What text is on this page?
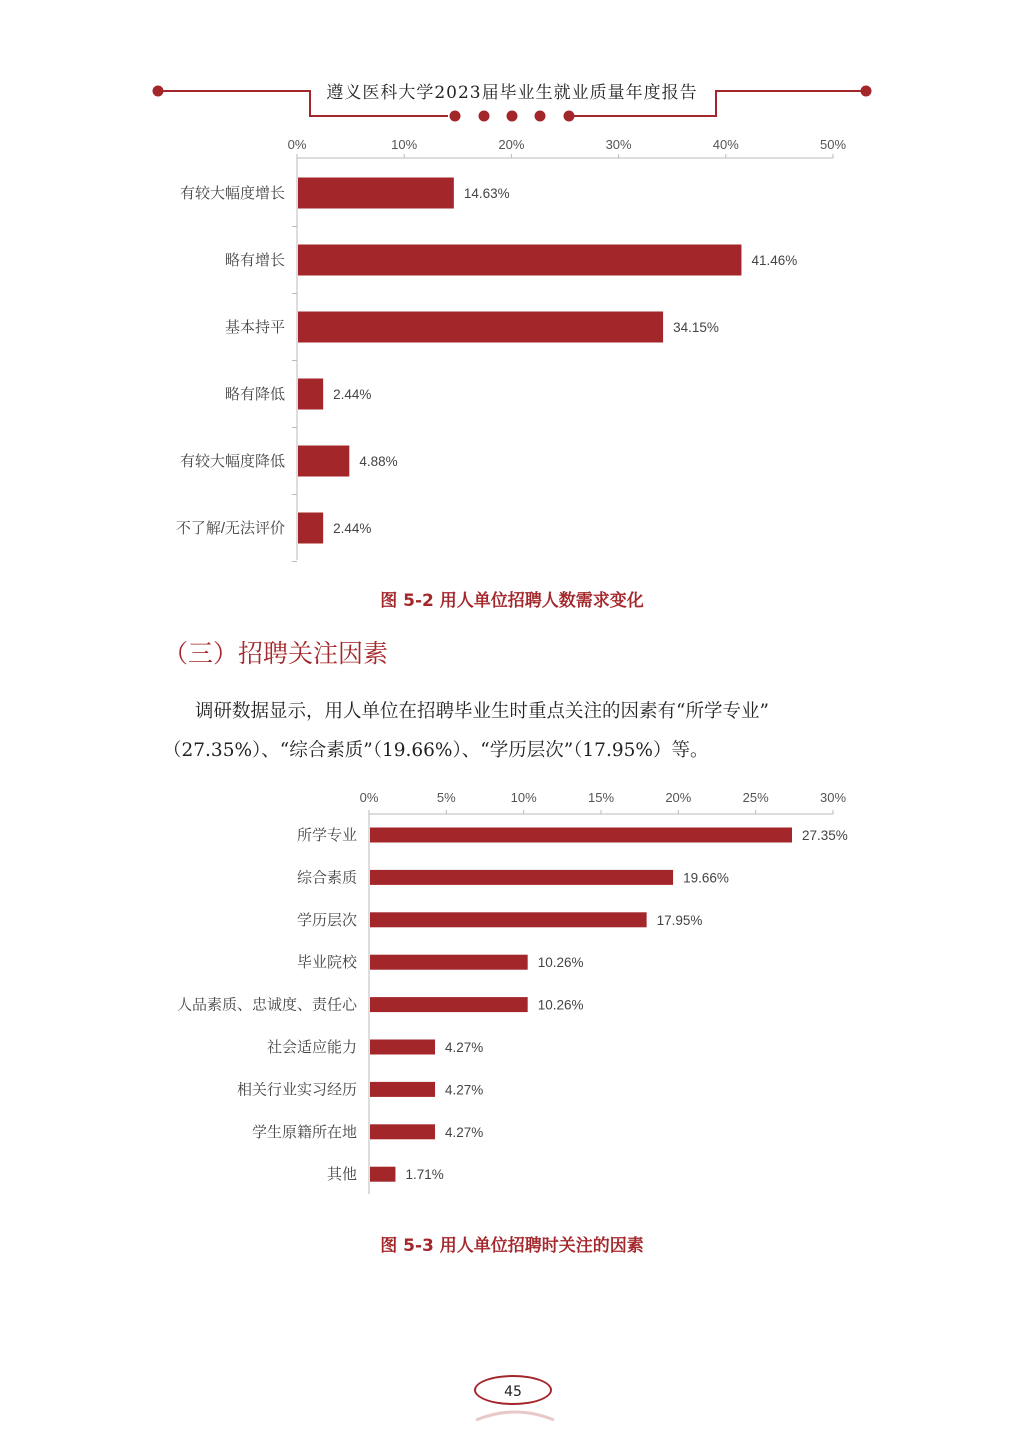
遵义医科大学2023届毕业生就业质量年度报告
0%	10%	20%	30%	40%	50%
有较大幅度增长	14.63%
略有增长	41.46%
基本持平	34.15%
略有降低	2.44%
有较大幅度降低	4.88%
不了解/无法评价	2.44%
图 5-2 用人单位招聘人数需求变化
（三）招聘关注因素
调研数据显示，用人单位在招聘毕业生时重点关注的因素有“所学专业”
（27.35%）、“综合素质”（19.66%）、“学历层次”（17.95%）等。
0%	5%	10%	15%	20%	25%	30%
所学专业	27.35%
综合素质	19.66%
学历层次	17.95%
毕业院校	10.26%
人品素质、忠诚度、责任心	10.26%
社会适应能力	4.27%
相关行业实习经历	4.27%
学生原籍所在地	4.27%
其他	1.71%
图 5-3 用人单位招聘时关注的因素
45
